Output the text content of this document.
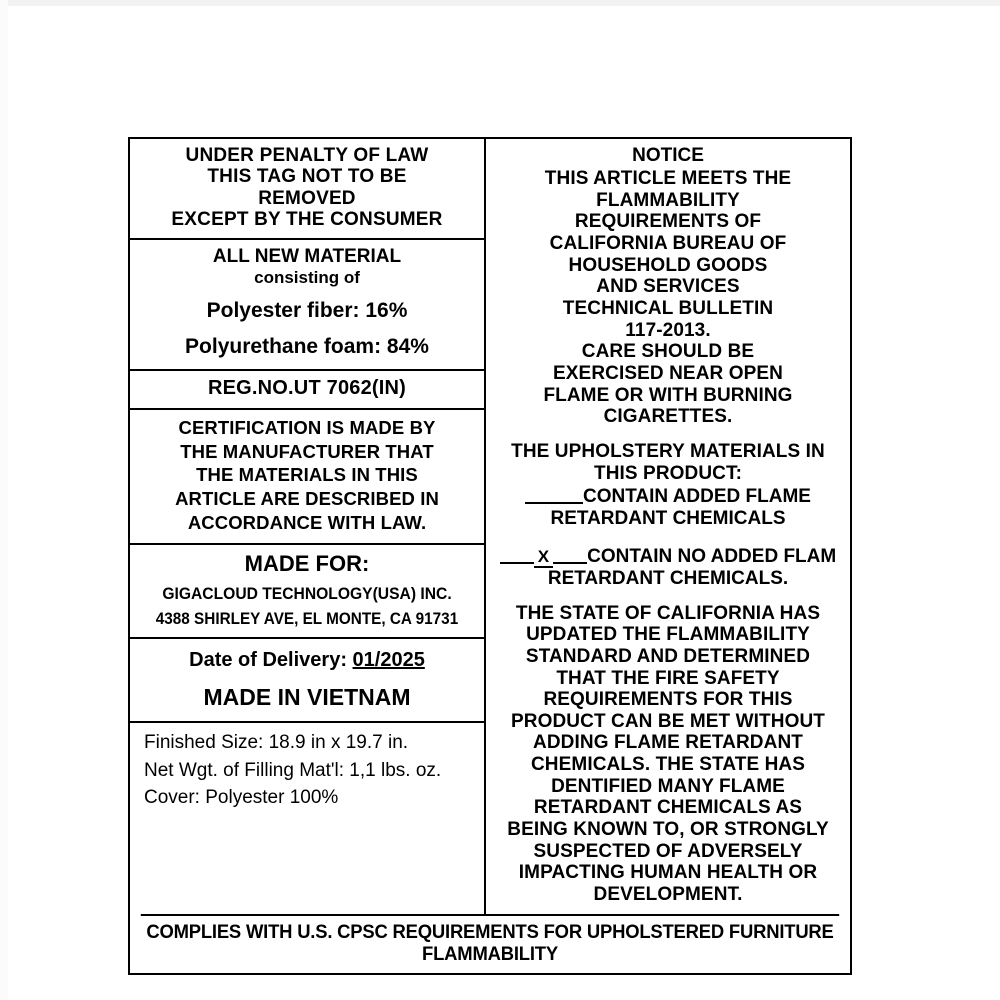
UNDER PENALTY OF LAW
THIS TAG NOT TO BE
REMOVED
EXCEPT BY THE CONSUMER
ALL NEW MATERIAL
consisting of
Polyester fiber: 16%
Polyurethane foam: 84%
REG.NO.UT 7062(IN)
CERTIFICATION IS MADE BY
THE MANUFACTURER THAT
THE MATERIALS IN THIS
ARTICLE ARE DESCRIBED IN
ACCORDANCE WITH LAW.
MADE FOR:
GIGACLOUD TECHNOLOGY(USA) INC.
4388 SHIRLEY AVE, EL MONTE, CA 91731
Date of Delivery: 01/2025
MADE IN VIETNAM
Finished Size: 18.9 in x 19.7 in.
Net Wgt. of Filling Mat'l: 1,1 lbs. oz.
Cover: Polyester 100%
NOTICE
THIS ARTICLE MEETS THE
FLAMMABILITY
REQUIREMENTS OF
CALIFORNIA BUREAU OF
HOUSEHOLD GOODS
AND SERVICES
TECHNICAL BULLETIN
117-2013.
CARE SHOULD BE
EXERCISED NEAR OPEN
FLAME OR WITH BURNING
CIGARETTES.
THE UPHOLSTERY MATERIALS IN
THIS PRODUCT:
CONTAIN ADDED FLAME
RETARDANT CHEMICALS
X CONTAIN NO ADDED FLAM
RETARDANT CHEMICALS.
THE STATE OF CALIFORNIA HAS
UPDATED THE FLAMMABILITY
STANDARD AND DETERMINED
THAT THE FIRE SAFETY
REQUIREMENTS FOR THIS
PRODUCT CAN BE MET WITHOUT
ADDING FLAME RETARDANT
CHEMICALS. THE STATE HAS
DENTIFIED MANY FLAME
RETARDANT CHEMICALS AS
BEING KNOWN TO, OR STRONGLY
SUSPECTED OF ADVERSELY
IMPACTING HUMAN HEALTH OR
DEVELOPMENT.
COMPLIES WITH U.S. CPSC REQUIREMENTS FOR UPHOLSTERED FURNITURE FLAMMABILITY
